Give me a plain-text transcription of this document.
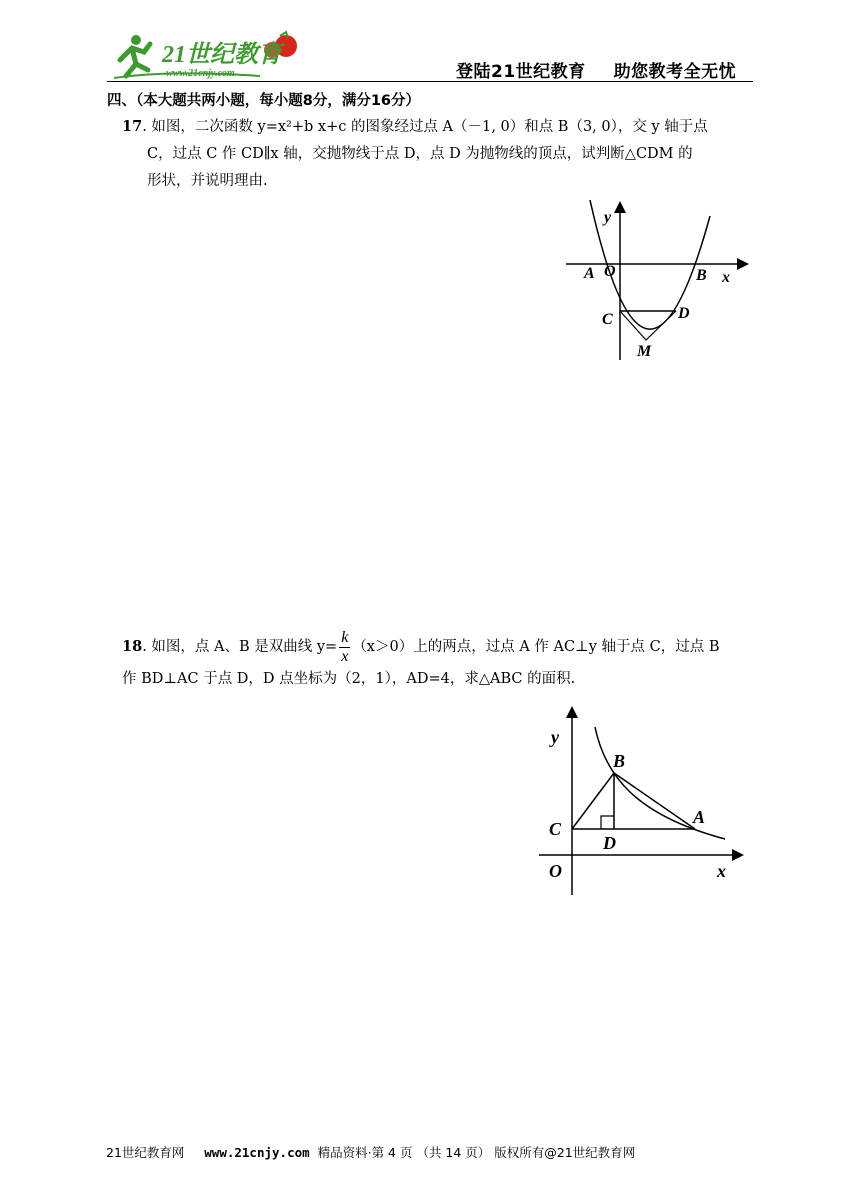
21世纪教育
www.21cnjy.com	登陆21世纪教育 助您教考全无忧
四、（本大题共两小题，每小题8分，满分16分）
17. 如图，二次函数 y=x²+b x+c 的图象经过点 A（－1, 0）和点 B（3, 0），交 y 轴于点
C，过点 C 作 CD∥x 轴，交抛物线于点 D，点 D 为抛物线的顶点，试判断△CDM 的
形状，并说明理由.
y
A O	B x
C	D
M
18. 如图，点 A、B 是双曲线 $y= \frac{k}{x} (x>0)$上的两点，过点 A 作 AC⊥y 轴于点 C，过点 B
作 BD⊥AC 于点 D，D 点坐标为（2，1），AD=4，求△ABC 的面积.
y
B
C
A
D
O	x
21世纪教育网 www.21cnjy.com 精品资料·第 4 页 （共 14 页） 版权所有@21世纪教育网
